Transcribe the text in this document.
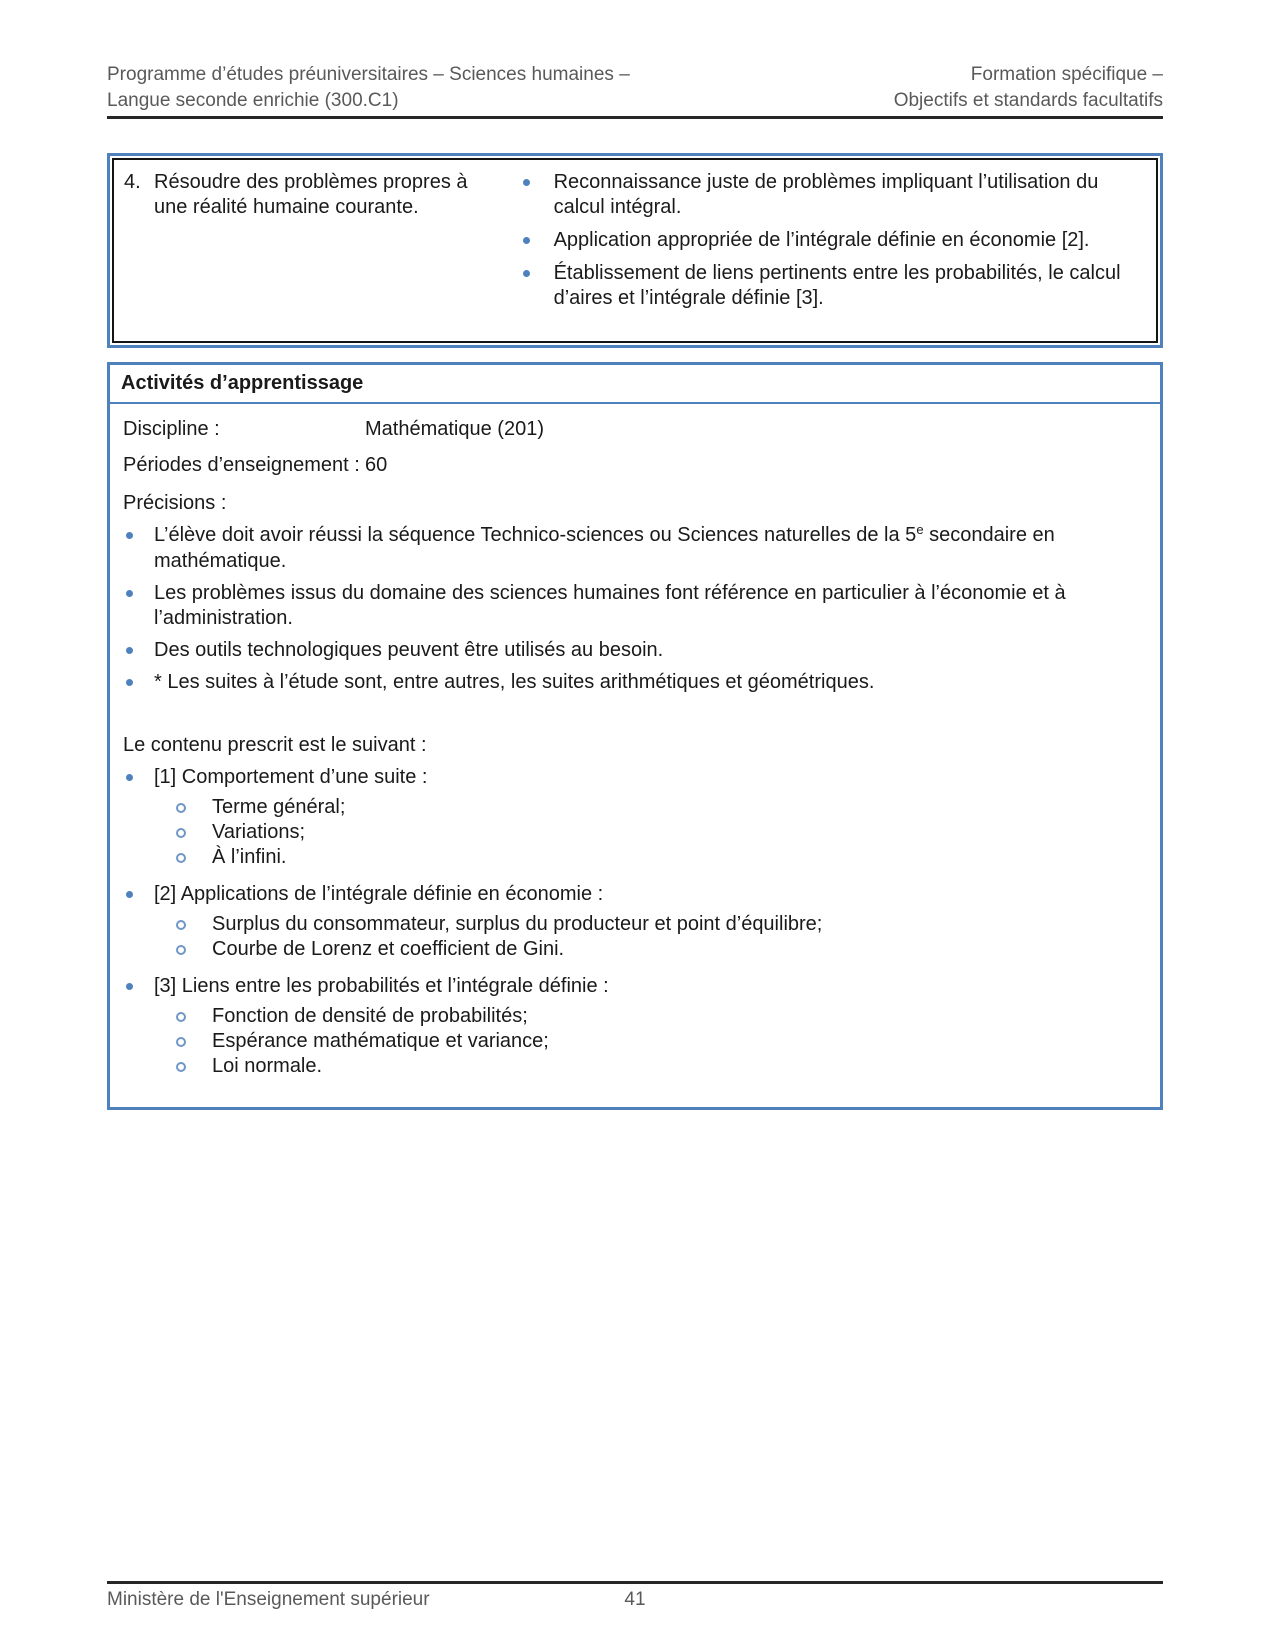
Programme d’études préuniversitaires – Sciences humaines –
Langue seconde enrichie (300.C1)
Formation spécifique –
Objectifs et standards facultatifs
4. Résoudre des problèmes propres à une réalité humaine courante.
Reconnaissance juste de problèmes impliquant l’utilisation du calcul intégral.
Application appropriée de l’intégrale définie en économie [2].
Établissement de liens pertinents entre les probabilités, le calcul d’aires et l’intégrale définie [3].
Activités d’apprentissage
Discipline :	Mathématique (201)
Périodes d’enseignement : 60
Précisions :
L’élève doit avoir réussi la séquence Technico-sciences ou Sciences naturelles de la 5e secondaire en mathématique.
Les problèmes issus du domaine des sciences humaines font référence en particulier à l’économie et à l’administration.
Des outils technologiques peuvent être utilisés au besoin.
* Les suites à l’étude sont, entre autres, les suites arithmétiques et géométriques.
Le contenu prescrit est le suivant :
[1] Comportement d’une suite :
Terme général;
Variations;
À l’infini.
[2] Applications de l’intégrale définie en économie :
Surplus du consommateur, surplus du producteur et point d’équilibre;
Courbe de Lorenz et coefficient de Gini.
[3] Liens entre les probabilités et l’intégrale définie :
Fonction de densité de probabilités;
Espérance mathématique et variance;
Loi normale.
Ministère de l'Enseignement supérieur	41
